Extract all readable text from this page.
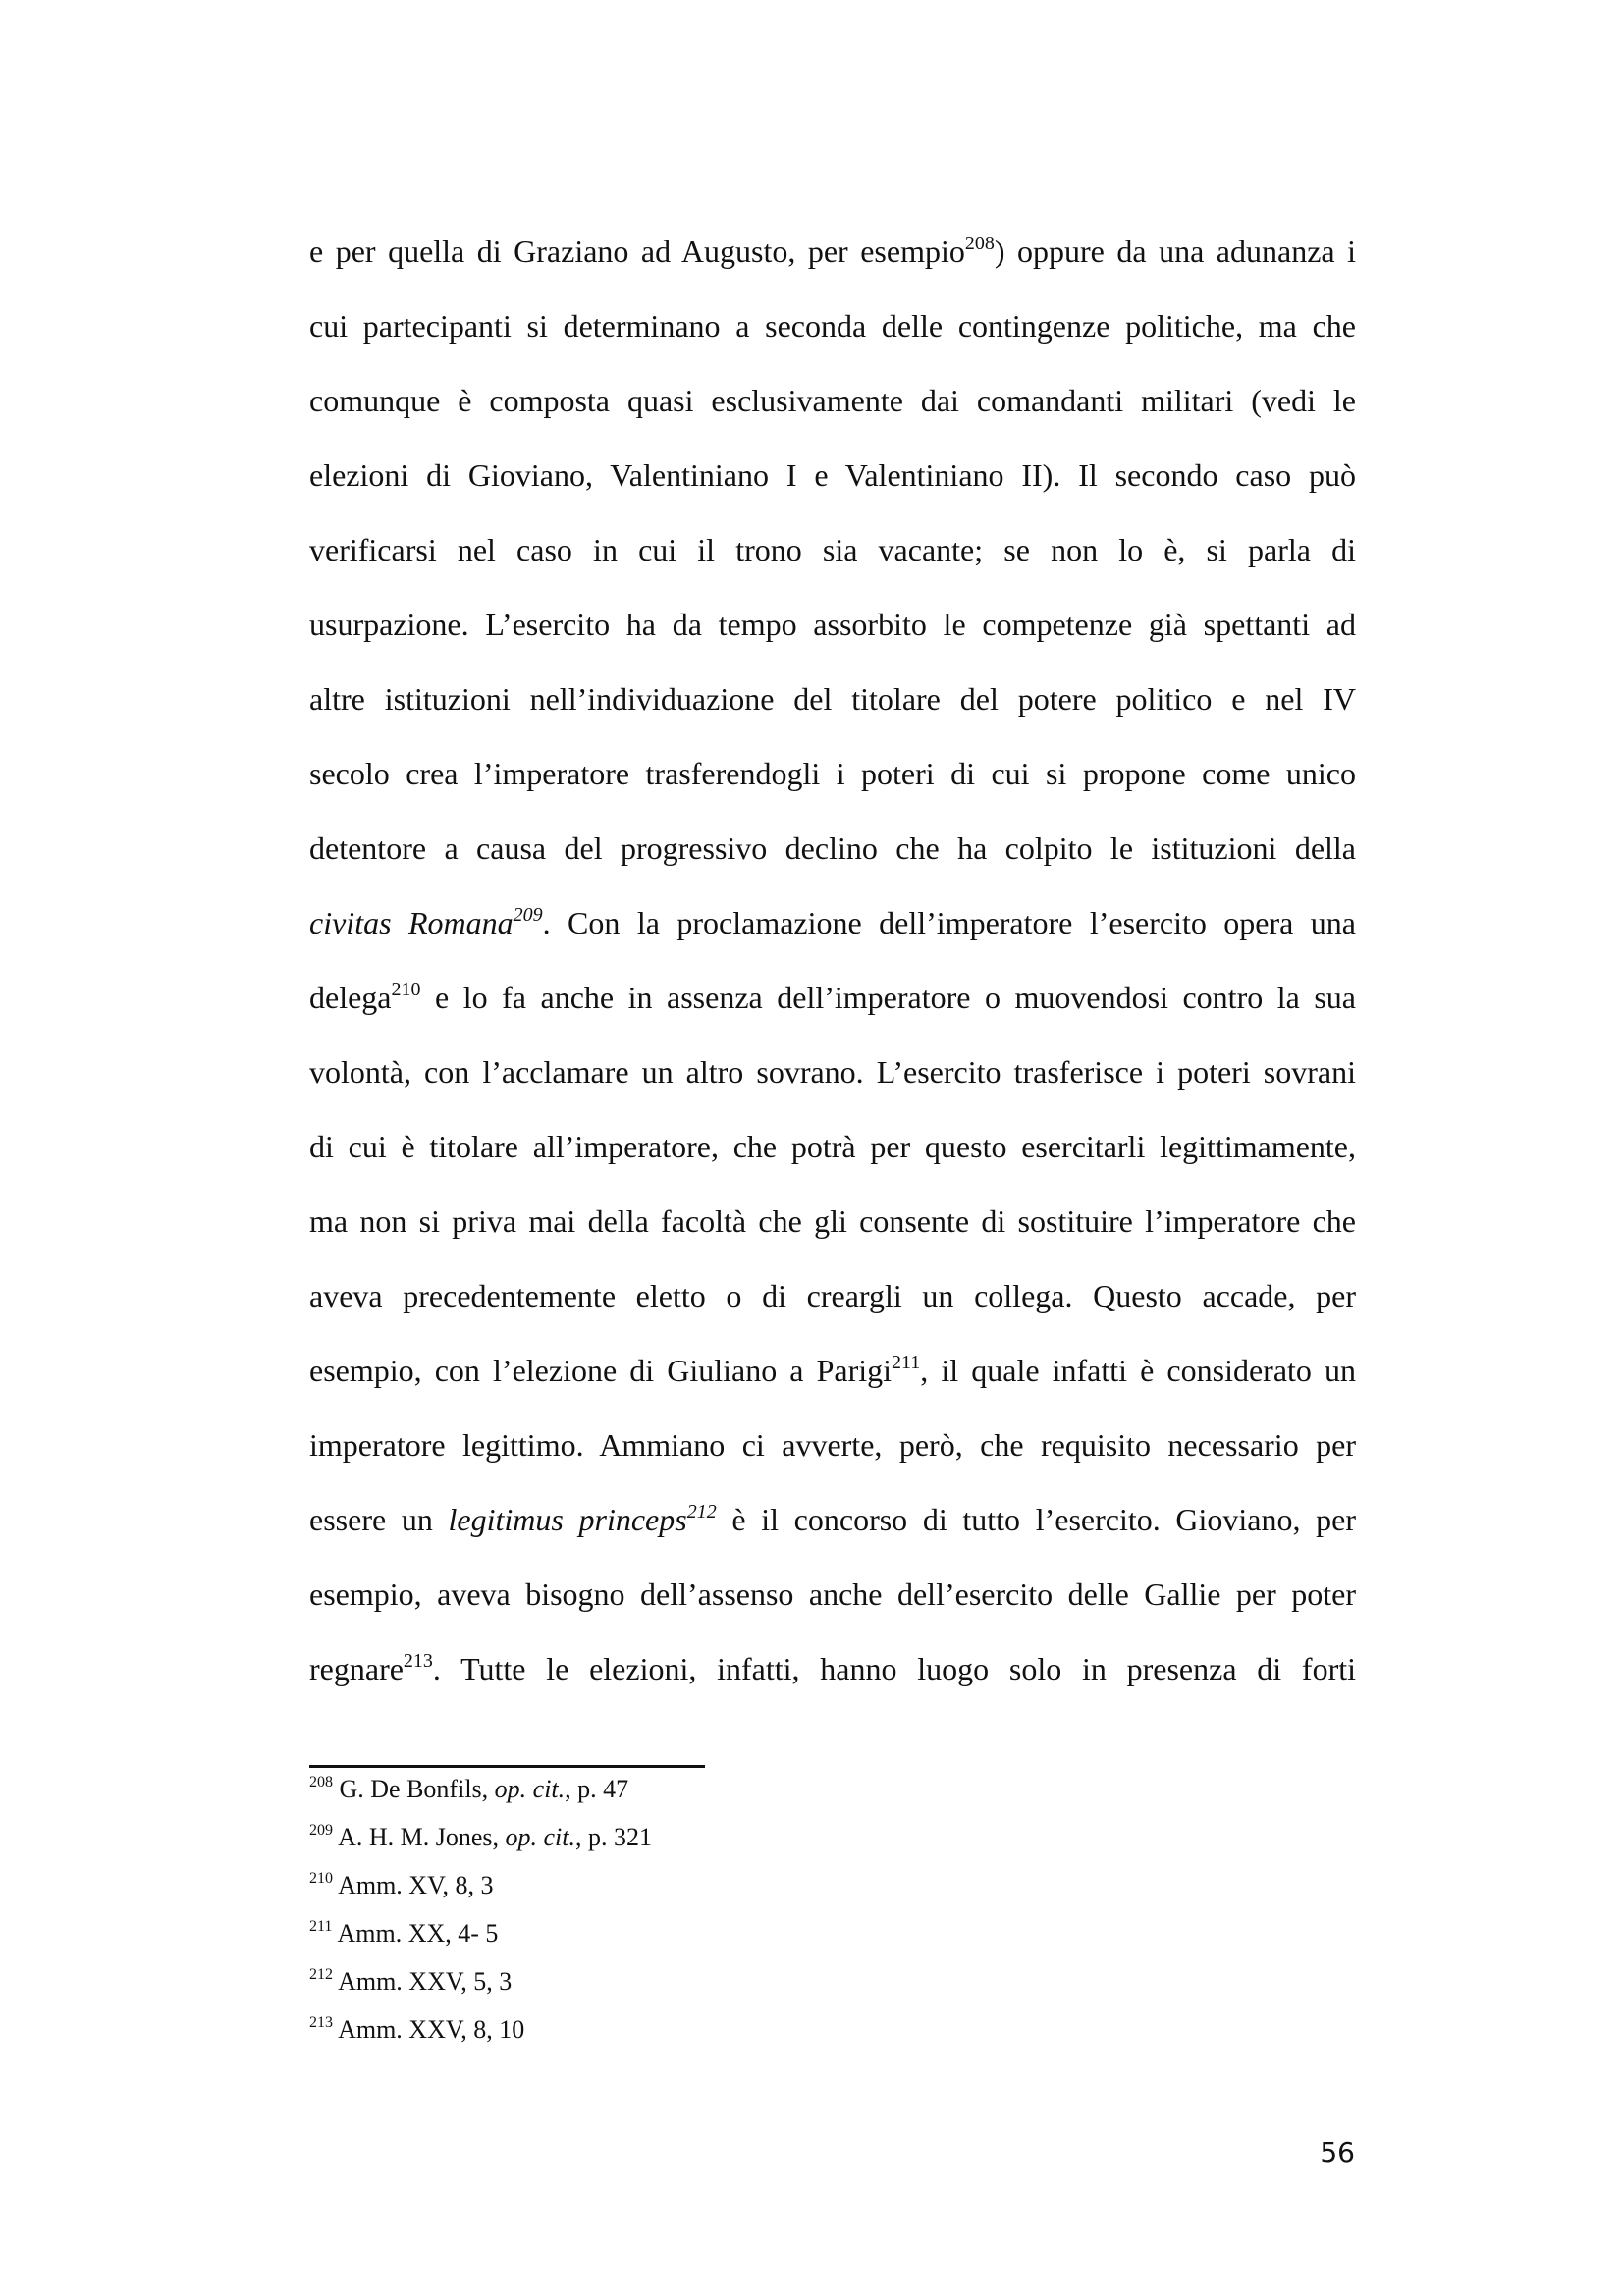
e per quella di Graziano ad Augusto, per esempio$^{208}$) oppure da una adunanza i
cui partecipanti si determinano a seconda delle contingenze politiche, ma che
comunque è composta quasi esclusivamente dai comandanti militari (vedi le
elezioni di Gioviano, Valentiniano I e Valentiniano II). Il secondo caso può
verificarsi nel caso in cui il trono sia vacante; se non lo è, si parla di
usurpazione. L’esercito ha da tempo assorbito le competenze già spettanti ad
altre istituzioni nell’individuazione del titolare del potere politico e nel IV
secolo crea l’imperatore trasferendogli i poteri di cui si propone come unico
detentore a causa del progressivo declino che ha colpito le istituzioni della
civitas Romana$^{209}$. Con la proclamazione dell’imperatore l’esercito opera una
delega$^{210}$ e lo fa anche in assenza dell’imperatore o muovendosi contro la sua
volontà, con l’acclamare un altro sovrano. L’esercito trasferisce i poteri sovrani
di cui è titolare all’imperatore, che potrà per questo esercitarli legittimamente,
ma non si priva mai della facoltà che gli consente di sostituire l’imperatore che
aveva precedentemente eletto o di creargli un collega. Questo accade, per
esempio, con l’elezione di Giuliano a Parigi$^{211}$, il quale infatti è considerato un
imperatore legittimo. Ammiano ci avverte, però, che requisito necessario per
essere un legitimus princeps$^{212}$ è il concorso di tutto l’esercito. Gioviano, per
esempio, aveva bisogno dell’assenso anche dell’esercito delle Gallie per poter
regnare$^{213}$. Tutte le elezioni, infatti, hanno luogo solo in presenza di forti
$^{208}$ G. De Bonfils, op. cit., p. 47
$^{209}$ A. H. M. Jones, op. cit., p. 321
$^{210}$ Amm. XV, 8, 3
$^{211}$ Amm. XX, 4- 5
$^{212}$ Amm. XXV, 5, 3
$^{213}$ Amm. XXV, 8, 10
56
